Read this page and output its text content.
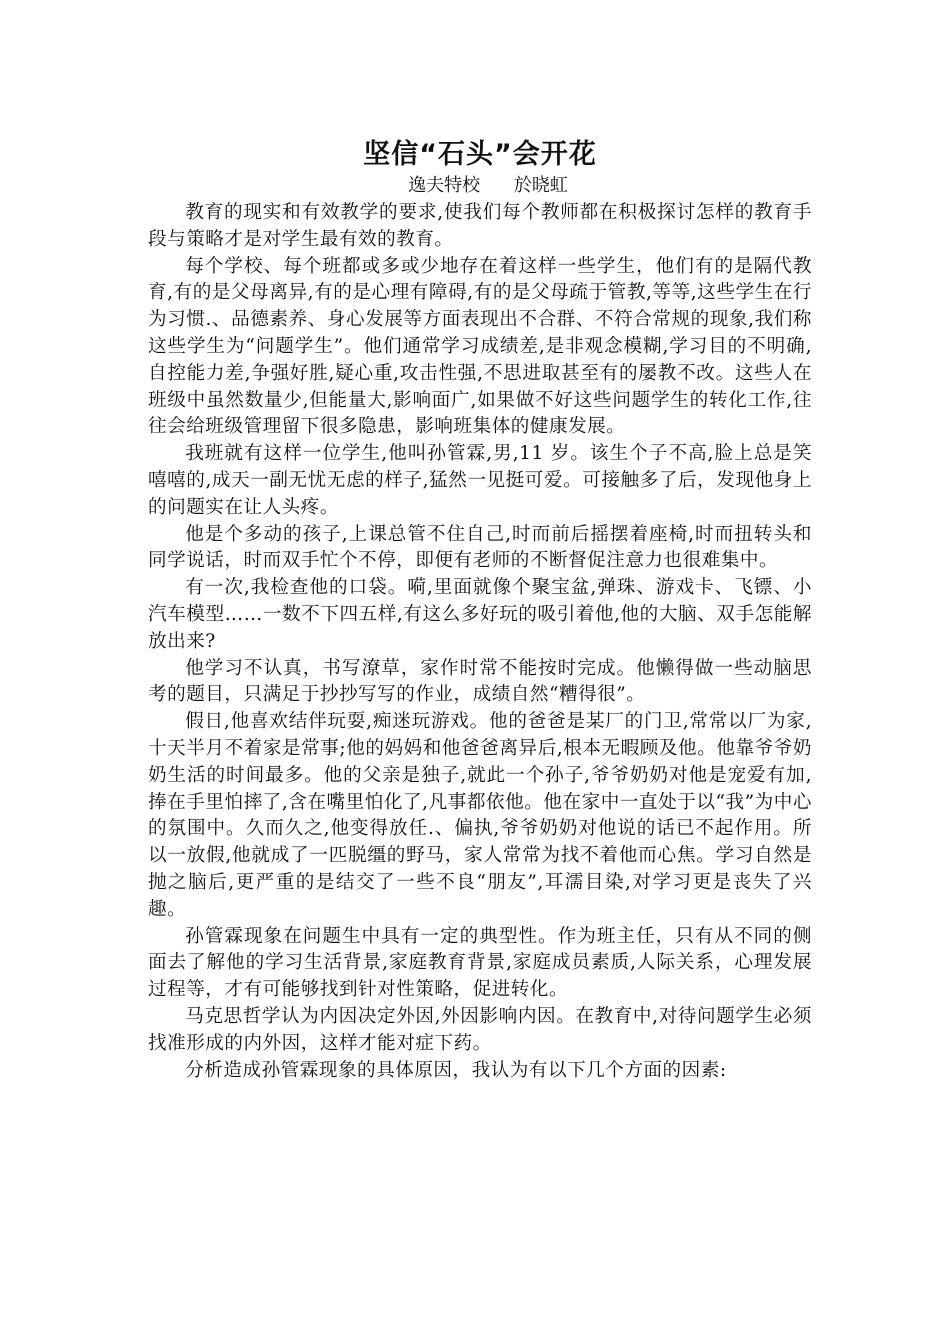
坚信“石头”会开花
逸夫特校 於晓虹

教育的现实和有效教学的要求,使我们每个教师都在积极探讨怎样的教育手段与策略才是对学生最有效的教育。

每个学校、每个班都或多或少地存在着这样一些学生，他们有的是隔代教育,有的是父母离异,有的是心理有障碍,有的是父母疏于管教,等等,这些学生在行为习惯.、品德素养、身心发展等方面表现出不合群、不符合常规的现象,我们称这些学生为“问题学生”。他们通常学习成绩差,是非观念模糊,学习目的不明确,自控能力差,争强好胜,疑心重,攻击性强,不思进取甚至有的屡教不改。这些人在班级中虽然数量少,但能量大,影响面广,如果做不好这些问题学生的转化工作,往往会给班级管理留下很多隐患，影响班集体的健康发展。

我班就有这样一位学生,他叫孙管霖,男,11 岁。该生个子不高,脸上总是笑嘻嘻的,成天一副无忧无虑的样子,猛然一见挺可爱。可接触多了后，发现他身上的问题实在让人头疼。

他是个多动的孩子,上课总管不住自己,时而前后摇摆着座椅,时而扭转头和同学说话，时而双手忙个不停，即便有老师的不断督促注意力也很难集中。

有一次,我检查他的口袋。嗬,里面就像个聚宝盆,弹珠、游戏卡、飞镖、小汽车模型……一数不下四五样,有这么多好玩的吸引着他,他的大脑、双手怎能解放出来?

他学习不认真，书写潦草，家作时常不能按时完成。他懒得做一些动脑思考的题目，只满足于抄抄写写的作业，成绩自然“糟得很”。

假日,他喜欢结伴玩耍,痴迷玩游戏。他的爸爸是某厂的门卫,常常以厂为家,十天半月不着家是常事;他的妈妈和他爸爸离异后,根本无暇顾及他。他靠爷爷奶奶生活的时间最多。他的父亲是独子,就此一个孙子,爷爷奶奶对他是宠爱有加,捧在手里怕摔了,含在嘴里怕化了,凡事都依他。他在家中一直处于以“我”为中心的氛围中。久而久之,他变得放任.、偏执,爷爷奶奶对他说的话已不起作用。所以一放假,他就成了一匹脱缰的野马，家人常常为找不着他而心焦。学习自然是抛之脑后,更严重的是结交了一些不良“朋友”,耳濡目染,对学习更是丧失了兴趣。

孙管霖现象在问题生中具有一定的典型性。作为班主任，只有从不同的侧面去了解他的学习生活背景,家庭教育背景,家庭成员素质,人际关系，心理发展过程等，才有可能够找到针对性策略，促进转化。

马克思哲学认为内因决定外因,外因影响内因。在教育中,对待问题学生必须找准形成的内外因，这样才能对症下药。

分析造成孙管霖现象的具体原因，我认为有以下几个方面的因素:
